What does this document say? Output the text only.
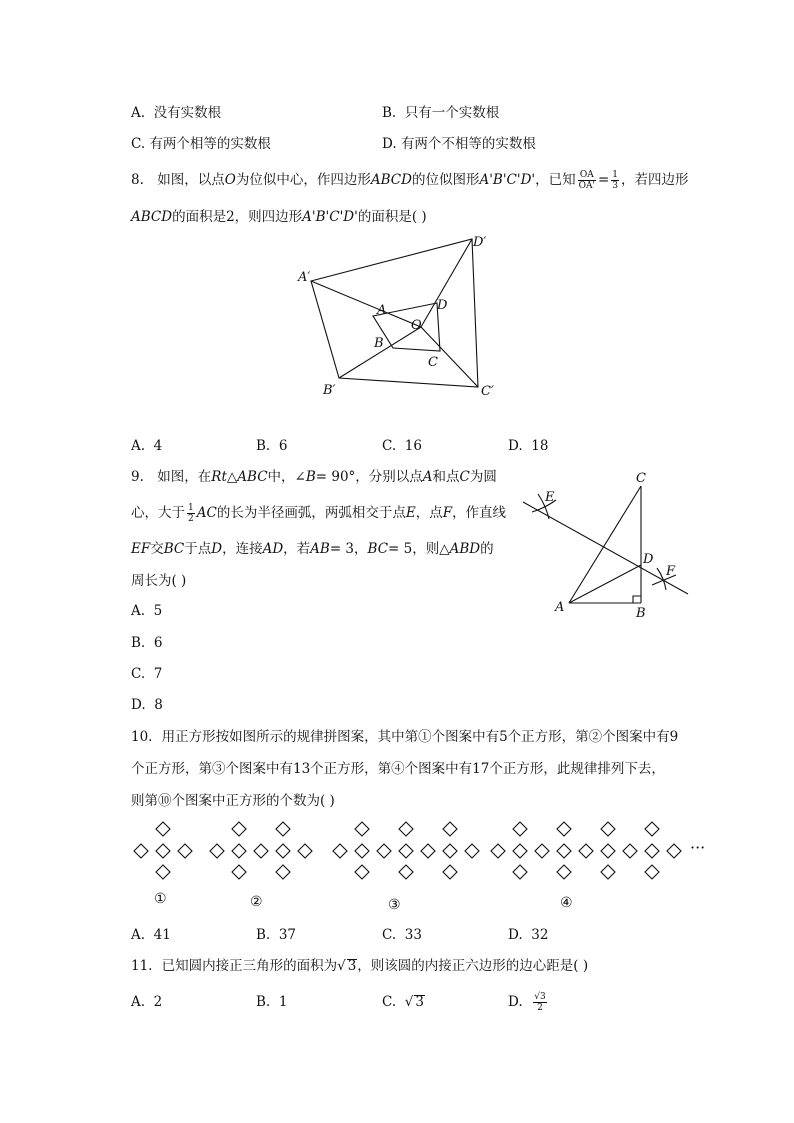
A. 没有实数根	B. 只有一个实数根
C. 有两个相等的实数根	D. 有两个不相等的实数根
8. 如图，以点O为位似中心，作四边形ABCD的位似图形A'B'C'D'，已知 $\frac{OA}{OA'} = \frac{1}{3}$ ，若四边形
ABCD的面积是2，则四边形A'B'C'D'的面积是( )
A′
D′
B′	C′
A	D
O
B
C
A. 4	B. 6	C. 16	D. 18
9. 如图，在Rt△ABC中，∠B= 90°，分别以点A和点C为圆
心，大于 $\frac{1}{2}$ AC的长为半径画弧，两弧相交于点E，点F，作直线
EF交BC于点D，连接AD，若AB= 3，BC= 5，则△ABD的
周长为( )
C
E
D
F
A	B
A. 5
B. 6
C. 7
D. 8
10. 用正方形按如图所示的规律拼图案，其中第①个图案中有5个正方形，第②个图案中有9
个正方形，第③个图案中有13个正方形，第④个图案中有17个正方形，此规律排列下去，
则第⑩个图案中正方形的个数为( )
···
①	②	③	④
A. 41	B. 37	C. 33	D. 32
11. 已知圆内接正三角形的面积为√ 3，则该圆的内接正六边形的边心距是( )
A. 2	B. 1	C.  √ 3	D. $\frac{√3}{2}$
